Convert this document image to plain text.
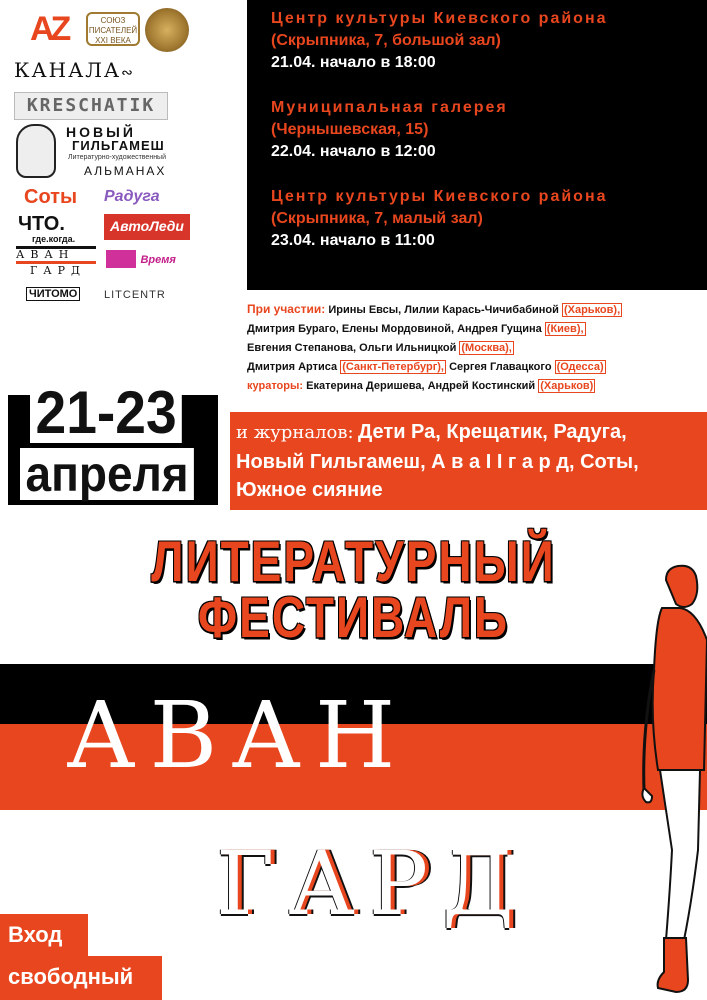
AZ	СОЮЗ ПИСАТЕЛЕЙ XXI ВЕКА
КАНАЛА∾
KRESCHATIK
НОВЫЙ
ГИЛЬГАМЕШ
Литературно-художественный
АЛЬМАНАХ
Соты Радуга
ЧТО.
где.когда.
АвтоЛеди
АВАН
ГАРД
Время
ЧИТОМО LITCENTR
Центр культуры Киевского района
(Скрыпника, 7, большой зал)
21.04. начало в 18:00
Муниципальная галерея
(Чернышевская, 15)
22.04. начало в 12:00
Центр культуры Киевского района
(Скрыпника, 7, малый зал)
23.04. начало в 11:00
При участии: Ирины Евсы, Лилии Карась-Чичибабиной (Харьков),
Дмитрия Бураго, Елены Мордовиной, Андрея Гущина (Киев),
Евгения Степанова, Ольги Ильницкой (Москва),
Дмитрия Артиса (Санкт-Петербург), Сергея Главацкого (Одесса)
кураторы: Екатерина Деришева, Андрей Костинский (Харьков)
21-23
апреля
и журналов: Дети Ра, Крещатик, Радуга,
Новый Гильгамеш, А в а I I г а р д, Соты,
Южное сияние
ЛИТЕРАТУРНЫЙ
ФЕСТИВАЛЬ
АВАН
ГАРД
Вход
свободный
